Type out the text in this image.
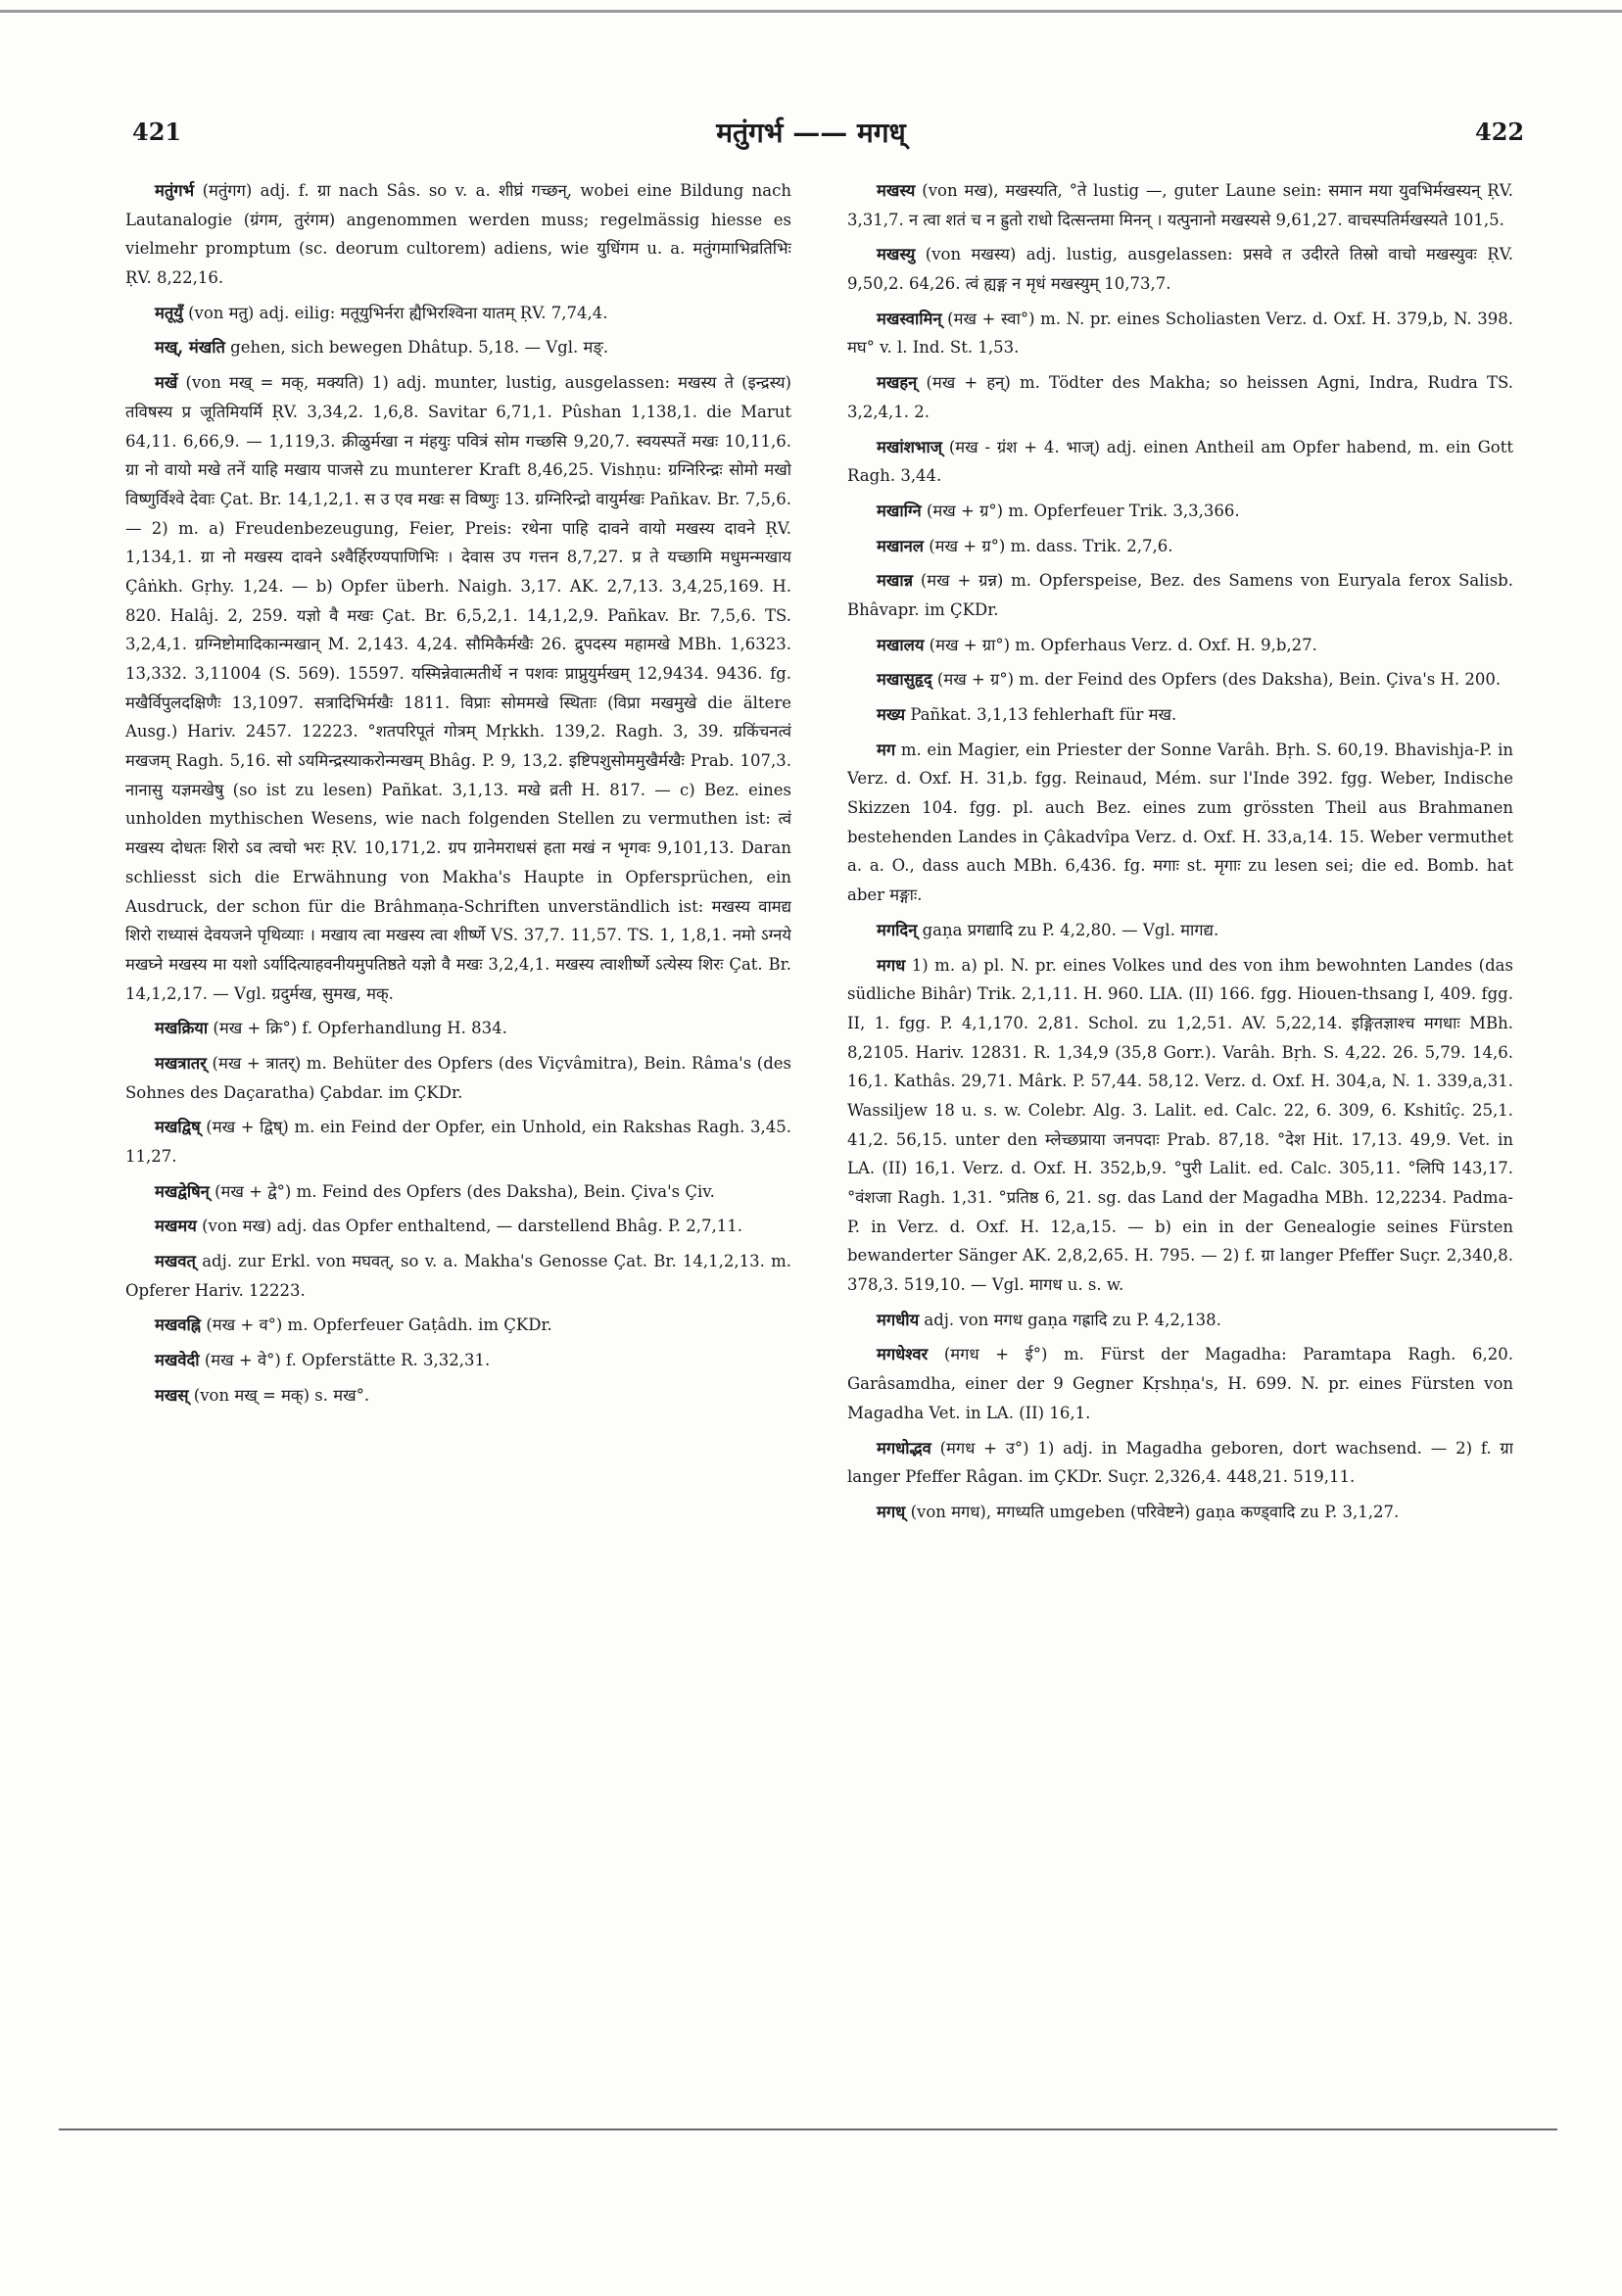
421	मतुंगर्भ —— मगध्	422

मतुंगर्भ (मतुंगग) adj. f. ग्रा nach Sâs. so v. a. शीघ्रं गच्छन्, wobei eine Bildung nach Lautanalogie (ग्रंगम, तुरंगम) angenommen werden muss; regelmässig hiesse es vielmehr promptum (sc. deorum cultorem) adiens, wie युधिंगम u. a. मतुंगमाभिव्रतिभिः ṚV. 8,22,16.

मतूयुँ (von मतु) adj. eilig: मतूयुभिर्नरा ह्यैभिरश्विना यातम् ṚV. 7,74,4.

मख्, मंखति gehen, sich bewegen Dhâtup. 5,18. — Vgl. मङ्.

मर्खे (von मख् = मक्, मक्यति) 1) adj. munter, lustig, ausgelassen: मखस्य ते (इन्द्रस्य) तविषस्य प्र जूतिमियर्मि ṚV. 3,34,2. 1,6,8. Savitar 6,71,1. Pûshan 1,138,1. die Marut 64,11. 6,66,9. — 1,119,3. क्रीळुर्मखा न मंहयुः पवित्रं सोम गच्छसि 9,20,7. स्वयस्पतें मखः 10,11,6. ग्रा नो वायो मखे तनें याहि मखाय पाजसे zu munterer Kraft 8,46,25. Vishṇu: ग्रग्निरिन्द्रः सोमो मखो विष्णुर्विश्वे देवाः Çat. Br. 14,1,2,1. स उ एव मखः स विष्णुः 13. ग्रग्निरिन्द्रो वायुर्मखः Pañkav. Br. 7,5,6. — 2) m. a) Freudenbezeugung, Feier, Preis: रथेना पाहि दावने वायो मखस्य दावने ṚV. 1,134,1. ग्रा नो मखस्य दावने ऽश्वैर्हिरण्यपाणिभिः । देवास उप गत्तन 8,7,27. प्र ते यच्छामि मधुमन्मखाय Çâṅkh. Gṛhy. 1,24. — b) Opfer überh. Naigh. 3,17. AK. 2,7,13. 3,4,25,169. H. 820. Halâj. 2, 259. यज्ञो वै मखः Çat. Br. 6,5,2,1. 14,1,2,9. Pañkav. Br. 7,5,6. TS. 3,2,4,1. ग्रग्निष्टोमादिकान्मखान् M. 2,143. 4,24. सौमिकैर्मखैः 26. द्रुपदस्य महामखे MBh. 1,6323. 13,332. 3,11004 (S. 569). 15597. यस्मिन्नेवात्मतीर्थे न पशवः प्राप्नुयुर्मखम् 12,9434. 9436. fg. मखैर्विपुलदक्षिणैः 13,1097. सत्रादिभिर्मखैः 1811. विप्राः सोममखे स्थिताः (विप्रा मखमुखे die ältere Ausg.) Hariv. 2457. 12223. °शतपरिपूतं गोत्रम् Mṛkkh. 139,2. Ragh. 3, 39. ग्रकिंचनत्वं मखजम् Ragh. 5,16. सो ऽयमिन्द्रस्याकरोन्मखम् Bhâg. P. 9, 13,2. इष्टिपशुसोममुखैर्मखैः Prab. 107,3. नानासु यज्ञमखेषु (so ist zu lesen) Pañkat. 3,1,13. मखे व्रती H. 817. — c) Bez. eines unholden mythischen Wesens, wie nach folgenden Stellen zu vermuthen ist: त्वं मखस्य दोधतः शिरो ऽव त्वचो भरः ṚV. 10,171,2. ग्रप ग्रानेमराधसं हता मखं न भृगवः 9,101,13. Daran schliesst sich die Erwähnung von Makha's Haupte in Opfersprüchen, ein Ausdruck, der schon für die Brâhmaṇa-Schriften unverständlich ist: मखस्य वामद्य शिरो राध्यासं देवयजने पृथिव्याः । मखाय त्वा मखस्य त्वा शीर्ष्णे VS. 37,7. 11,57. TS. 1, 1,8,1. नमो ऽग्नये मखघ्ने मखस्य मा यशो ऽर्यादित्याहवनीयमुपतिष्ठते यज्ञो वै मखः 3,2,4,1. मखस्य त्वाशीर्ष्णे ऽत्येस्य शिरः Çat. Br. 14,1,2,17. — Vgl. ग्रदुर्मख, सुमख, मक्.

मखक्रिया (मख + क्रि°) f. Opferhandlung H. 834.

मखत्रातर् (मख + त्रातर्) m. Behüter des Opfers (des Viçvâmitra), Bein. Râma's (des Sohnes des Daçaratha) Çabdar. im ÇKDr.

मखद्विष् (मख + द्विष्) m. ein Feind der Opfer, ein Unhold, ein Rakshas Ragh. 3,45. 11,27.

मखद्वेषिन् (मख + द्वे°) m. Feind des Opfers (des Daksha), Bein. Çiva's Çiv.

मखमय (von मख) adj. das Opfer enthaltend, — darstellend Bhâg. P. 2,7,11.

मखवत् adj. zur Erkl. von मघवत्, so v. a. Makha's Genosse Çat. Br. 14,1,2,13. m. Opferer Hariv. 12223.

मखवह्नि (मख + व°) m. Opferfeuer Gaṭâdh. im ÇKDr.

मखवेदी (मख + वे°) f. Opferstätte R. 3,32,31.

मखस् (von मख् = मक्) s. मख°.

मखस्य (von मख), मखस्यति, °ते lustig —, guter Laune sein: समान मया युवभिर्मखस्यन् ṚV. 3,31,7. न त्वा शतं च न ह्रुतो राधो दित्सन्तमा मिनन् । यत्पुनानो मखस्यसे 9,61,27. वाचस्पतिर्मखस्यते 101,5.

मखस्यु (von मखस्य) adj. lustig, ausgelassen: प्रसवे त उदीरते तिस्रो वाचो मखस्युवः ṚV. 9,50,2. 64,26. त्वं ह्यङ्ग न मृधं मखस्युम् 10,73,7.

मखस्वामिन् (मख + स्वा°) m. N. pr. eines Scholiasten Verz. d. Oxf. H. 379,b, N. 398. मघ° v. l. Ind. St. 1,53.

मखहन् (मख + हन्) m. Tödter des Makha; so heissen Agni, Indra, Rudra TS. 3,2,4,1. 2.

मखांशभाज् (मख - ग्रंश + 4. भाज्) adj. einen Antheil am Opfer habend, m. ein Gott Ragh. 3,44.

मखाग्नि (मख + ग्र°) m. Opferfeuer Trik. 3,3,366.

मखानल (मख + ग्र°) m. dass. Trik. 2,7,6.

मखान्न (मख + ग्रन्न) m. Opferspeise, Bez. des Samens von Euryala ferox Salisb. Bhâvapr. im ÇKDr.

मखालय (मख + ग्रा°) m. Opferhaus Verz. d. Oxf. H. 9,b,27.

मखासुहृद् (मख + ग्र°) m. der Feind des Opfers (des Daksha), Bein. Çiva's H. 200.

मख्य Pañkat. 3,1,13 fehlerhaft für मख.

मग m. ein Magier, ein Priester der Sonne Varâh. Bṛh. S. 60,19. Bhavishja-P. in Verz. d. Oxf. H. 31,b. fgg. Reinaud, Mém. sur l'Inde 392. fgg. Weber, Indische Skizzen 104. fgg. pl. auch Bez. eines zum grössten Theil aus Brahmanen bestehenden Landes in Çâkadvîpa Verz. d. Oxf. H. 33,a,14. 15. Weber vermuthet a. a. O., dass auch MBh. 6,436. fg. मगाः st. मृगाः zu lesen sei; die ed. Bomb. hat aber मङ्गाः.

मगदिन् gaṇa प्रगद्यादि zu P. 4,2,80. — Vgl. मागद्य.

मगध 1) m. a) pl. N. pr. eines Volkes und des von ihm bewohnten Landes (das südliche Bihâr) Trik. 2,1,11. H. 960. LIA. (II) 166. fgg. Hiouen-thsang I, 409. fgg. II, 1. fgg. P. 4,1,170. 2,81. Schol. zu 1,2,51. AV. 5,22,14. इङ्गितज्ञाश्च मगधाः MBh. 8,2105. Hariv. 12831. R. 1,34,9 (35,8 Gorr.). Varâh. Bṛh. S. 4,22. 26. 5,79. 14,6. 16,1. Kathâs. 29,71. Mârk. P. 57,44. 58,12. Verz. d. Oxf. H. 304,a, N. 1. 339,a,31. Wassiljew 18 u. s. w. Colebr. Alg. 3. Lalit. ed. Calc. 22, 6. 309, 6. Kshitîç. 25,1. 41,2. 56,15. unter den म्लेच्छप्राया जनपदाः Prab. 87,18. °देश Hit. 17,13. 49,9. Vet. in LA. (II) 16,1. Verz. d. Oxf. H. 352,b,9. °पुरी Lalit. ed. Calc. 305,11. °लिपि 143,17. °वंशजा Ragh. 1,31. °प्रतिष्ठ 6, 21. sg. das Land der Magadha MBh. 12,2234. Padma-P. in Verz. d. Oxf. H. 12,a,15. — b) ein in der Genealogie seines Fürsten bewanderter Sänger AK. 2,8,2,65. H. 795. — 2) f. ग्रा langer Pfeffer Suçr. 2,340,8. 378,3. 519,10. — Vgl. मागध u. s. w.

मगधीय adj. von मगध gaṇa गह्रादि zu P. 4,2,138.

मगधेश्वर (मगध + ई°) m. Fürst der Magadha: Paramtapa Ragh. 6,20. Garâsamdha, einer der 9 Gegner Kṛshṇa's, H. 699. N. pr. eines Fürsten von Magadha Vet. in LA. (II) 16,1.

मगधोद्भव (मगध + उ°) 1) adj. in Magadha geboren, dort wachsend. — 2) f. ग्रा langer Pfeffer Râgan. im ÇKDr. Suçr. 2,326,4. 448,21. 519,11.

मगध् (von मगध), मगध्यति umgeben (परिवेष्टने) gaṇa कण्ड्वादि zu P. 3,1,27.
